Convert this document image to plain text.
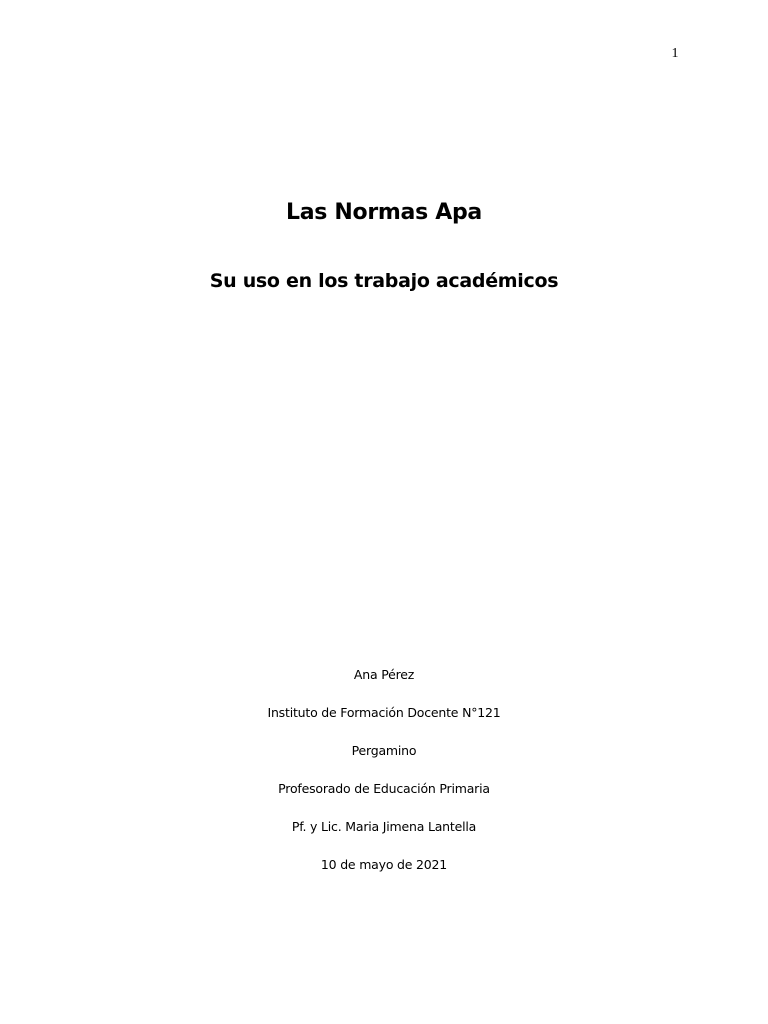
1
Las Normas Apa
Su uso en los trabajo académicos
Ana Pérez
Instituto de Formación Docente N°121
Pergamino
Profesorado de Educación Primaria
Pf. y Lic. Maria Jimena Lantella
10 de mayo de 2021
